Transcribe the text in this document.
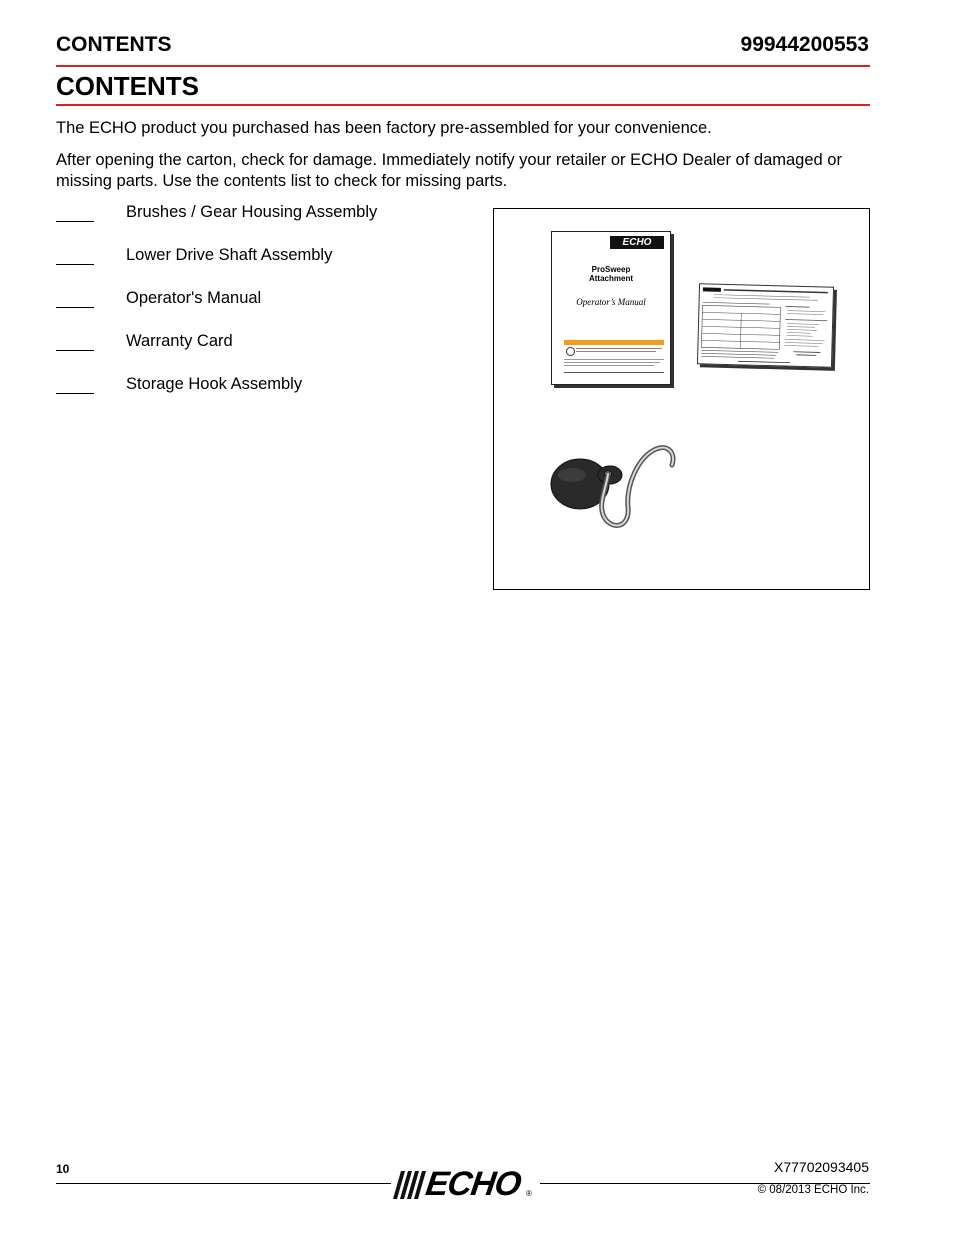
CONTENTS	99944200553
CONTENTS
The ECHO product you purchased has been factory pre-assembled for your convenience.
After opening the carton, check for damage. Immediately notify your retailer or ECHO Dealer of damaged or missing parts. Use the contents list to check for missing parts.
Brushes / Gear Housing Assembly
Lower Drive Shaft Assembly
Operator's Manual
Warranty Card
Storage Hook Assembly
ECHO
ProSweep
Attachment
Operator’s Manual
10	ECHO ®
X77702093405
© 08/2013 ECHO Inc.
